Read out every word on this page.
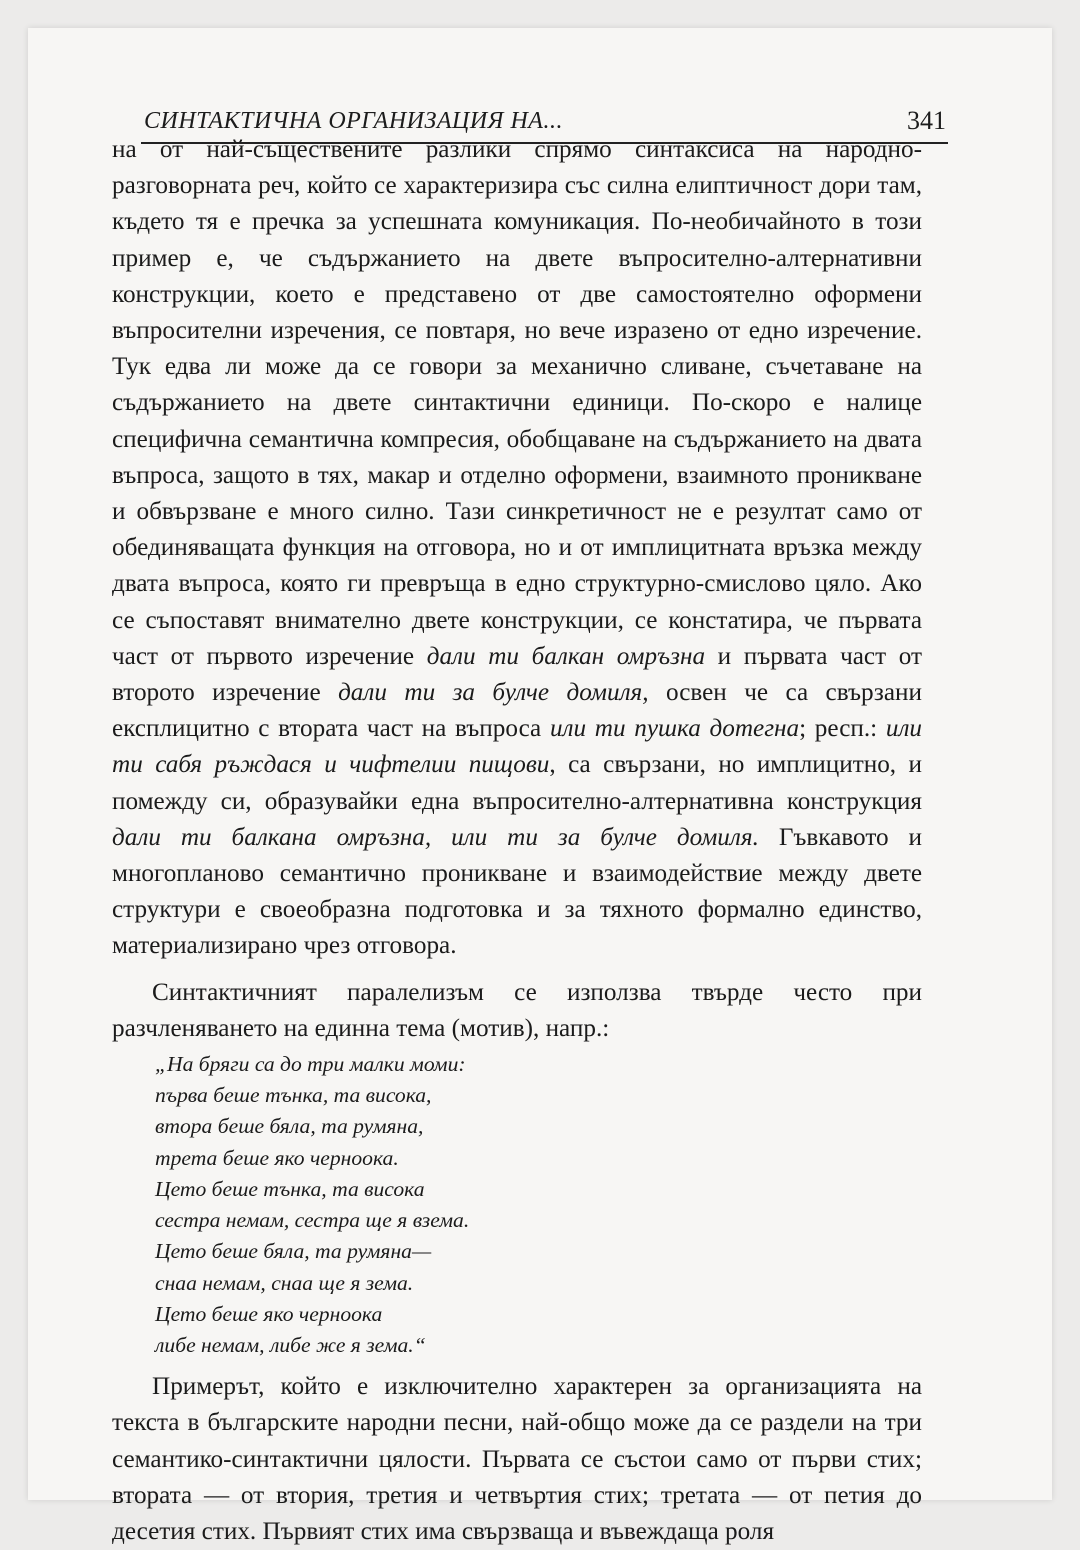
СИНТАКТИЧНА ОРГАНИЗАЦИЯ НА...	341

на от най-съществените разлики спрямо синтаксиса на народно-разговорната реч, който се характеризира със силна елиптичност дори там, където тя е пречка за успешната комуникация. По-необичайното в този пример е, че съдържанието на двете въпросително-алтернативни конструкции, което е представено от две самостоятелно оформени въпросителни изречения, се повтаря, но вече изразено от едно изречение. Тук едва ли може да се говори за механично сливане, съчетаване на съдържанието на двете синтактични единици. По-скоро е налице специфична семантична компресия, обобщаване на съдържанието на двата въпроса, защото в тях, макар и отделно оформени, взаимното проникване и обвързване е много силно. Тази синкретичност не е резултат само от обединяващата функция на отговора, но и от имплицитната връзка между двата въпроса, която ги превръща в едно структурно-смислово цяло. Ако се съпоставят внимателно двете конструкции, се констатира, че първата част от първото изречение дали ти балкан омръзна и първата част от второто изречение дали ти за булче домиля, освен че са свързани експлицитно с втората част на въпроса или ти пушка дотегна; респ.: или ти сабя ръждася и чифтелии пищови, са свързани, но имплицитно, и помежду си, образувайки една въпросително-алтернативна конструкция дали ти балкана омръзна, или ти за булче домиля. Гъвкавото и многопланово семантично проникване и взаимодействие между двете структури е своеобразна подготовка и за тяхното формално единство, материализирано чрез отговора.

Синтактичният паралелизъм се използва твърде често при разчленяването на единна тема (мотив), напр.:

„На бряги са до три малки моми:
първа беше тънка, та висока,
втора беше бяла, та румяна,
трета беше яко черноока.
Цето беше тънка, та висока
сестра немам, сестра ще я взема.
Цето беше бяла, та румяна—
снаа немам, снаа ще я зема.
Цето беше яко черноока
либе немам, либе же я зема.“

Примерът, който е изключително характерен за организацията на текста в българските народни песни, най-общо може да се раздели на три семантико-синтактични цялости. Първата се състои само от първи стих; втората — от втория, третия и четвъртия стих; третата — от петия до десетия стих. Първият стих има свързваща и въвеждаща роля
